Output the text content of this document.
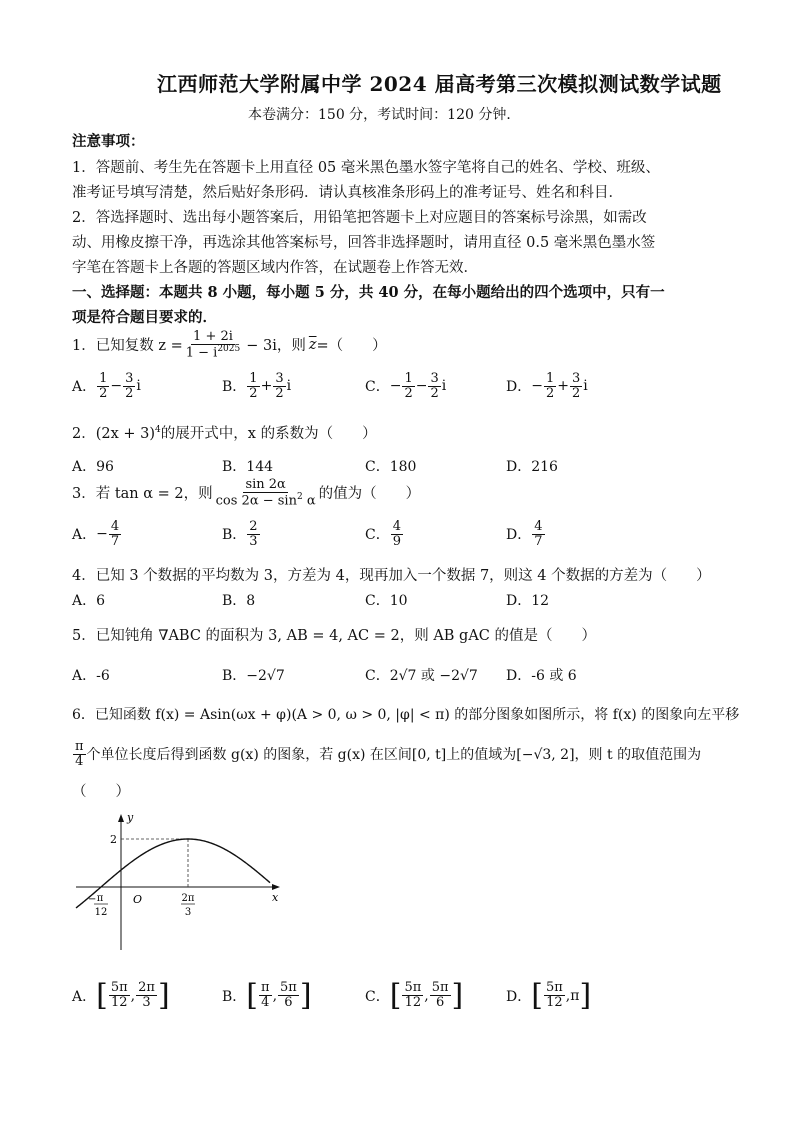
江西师范大学附属中学 2024 届高考第三次模拟测试数学试题
本卷满分：150 分，考试时间：120 分钟．
注意事项：
1．答题前、考生先在答题卡上用直径 05 毫米黑色墨水签字笔将自己的姓名、学校、班级、
准考证号填写清楚，然后贴好条形码．请认真核准条形码上的准考证号、姓名和科目．
2．答选择题时、选出每小题答案后，用铅笔把答题卡上对应题目的答案标号涂黑，如需改
动、用橡皮擦干净，再选涂其他答案标号，回答非选择题时，请用直径 0.5 毫米黑色墨水签
字笔在答题卡上各题的答题区域内作答，在试题卷上作答无效．
一、选择题：本题共 8 小题，每小题 5 分，共 40 分，在每小题给出的四个选项中，只有一
项是符合题目要求的．
1．已知复数 $z = \frac{1 + 2i}{1 - i^{2025}} - 3i$，则 $\overline{z}$ =（　　）
A． $\frac{1}{2} - \frac{3}{2}$ i	B． $\frac{1}{2} + \frac{3}{2}$ i	C． − $\frac{1}{2} - \frac{3}{2}$ i	D． − $\frac{1}{2} + \frac{3}{2}$ i
2．$(2x + 3)^4$的展开式中，x 的系数为（　　）
A．96	B．144	C．180	D．216
3．若 tan α = 2，则 $\frac{\sin 2\alpha}{\cos 2\alpha - \sin^2 \alpha}$ 的值为（　　）
A． − $\frac{4}{7}$	B． $\frac{2}{3}$	C． $\frac{4}{9}$	D． $\frac{4}{7}$
4．已知 3 个数据的平均数为 3，方差为 4，现再加入一个数据 7，则这 4 个数据的方差为（　　）
A．6	B．8	C．10	D．12
5．已知钝角 ∇ABC 的面积为 3, AB = 4, AC = 2，则 AB gAC 的值是（　　）
A．-6	B．−2√7	C．2√7 或 −2√7 D．-6 或 6
6．已知函数 f(x) = Asin(ωx + φ)(A > 0, ω > 0, |φ| < π) 的部分图象如图所示，将 f(x) 的图象向左平移
$\frac{\pi}{4}$ 个单位长度后得到函数 g(x) 的图象，若 g(x) 在区间[0, t]上的值域为[−√3, 2]，则 t 的取值范围为
（　　）
y
x
O
2
− π
12
2π
3
A． [ $\frac{5\pi}{12}$ , $\frac{2\pi}{3}$ ]	B． [ $\frac{\pi}{4}$ , $\frac{5\pi}{6}$ ]	C． [ $\frac{5\pi}{12}$ , $\frac{5\pi}{6}$ ]	D． [ $\frac{5\pi}{12}$ , π ]
